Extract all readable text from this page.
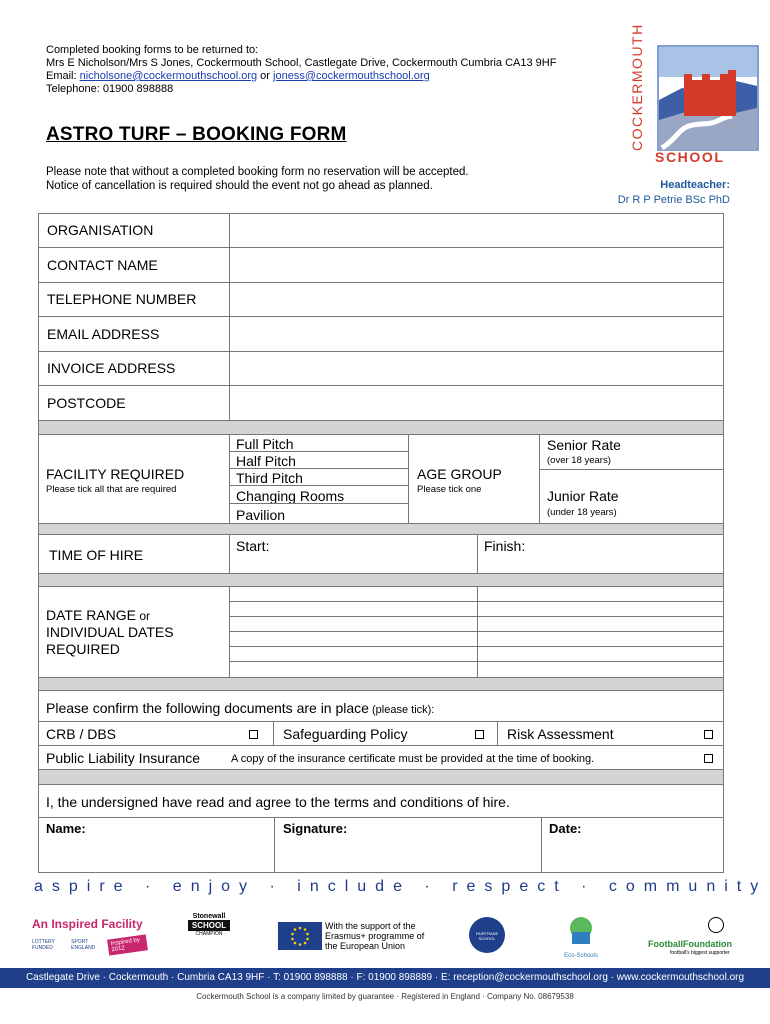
Completed booking forms to be returned to:
Mrs E Nicholson/Mrs S Jones, Cockermouth School, Castlegate Drive, Cockermouth Cumbria CA13 9HF
Email: nicholsone@cockermouthschool.org or joness@cockermouthschool.org
Telephone: 01900 898888	COCKERMOUTH
SCHOOL
ASTRO TURF – BOOKING FORM
Please note that without a completed booking form no reservation will be accepted.
Notice of cancellation is required should the event not go ahead as planned.	Headteacher:
Dr R P Petrie BSc PhD
ORGANISATION
CONTACT NAME
TELEPHONE NUMBER
EMAIL ADDRESS
INVOICE ADDRESS
POSTCODE
FACILITY REQUIRED
Please tick all that are required
Full Pitch
Half Pitch
Third Pitch
Changing Rooms
Pavilion
AGE GROUP
Please tick one
Senior Rate
(over 18 years)
Junior Rate
(under 18 years)
TIME OF HIRE
Start:	Finish:
DATE RANGE or
INDIVIDUAL DATES
REQUIRED
Please confirm the following documents are in place (please tick):
CRB / DBS	Safeguarding Policy	Risk Assessment
Public Liability Insurance	A copy of the insurance certificate must be provided at the time of booking.
I, the undersigned have read and agree to the terms and conditions of hire.
Name:	Signature:	Date:
aspire · enjoy · include · respect · community
An Inspired Facility
LOTTERY FUNDED
SPORT ENGLAND
Inspired by 2012
Stonewall
SCHOOL
CHAMPION
With the support of the Erasmus+ programme of the European Union
FAIRTRADE SCHOOL
Eco-Schools
FootballFoundation
football's biggest supporter
Castlegate Drive · Cockermouth · Cumbria CA13 9HF · T: 01900 898888 · F: 01900 898889 · E: reception@cockermouthschool.org · www.cockermouthschool.org
Cockermouth School is a company limited by guarantee · Registered in England · Company No. 08679538
